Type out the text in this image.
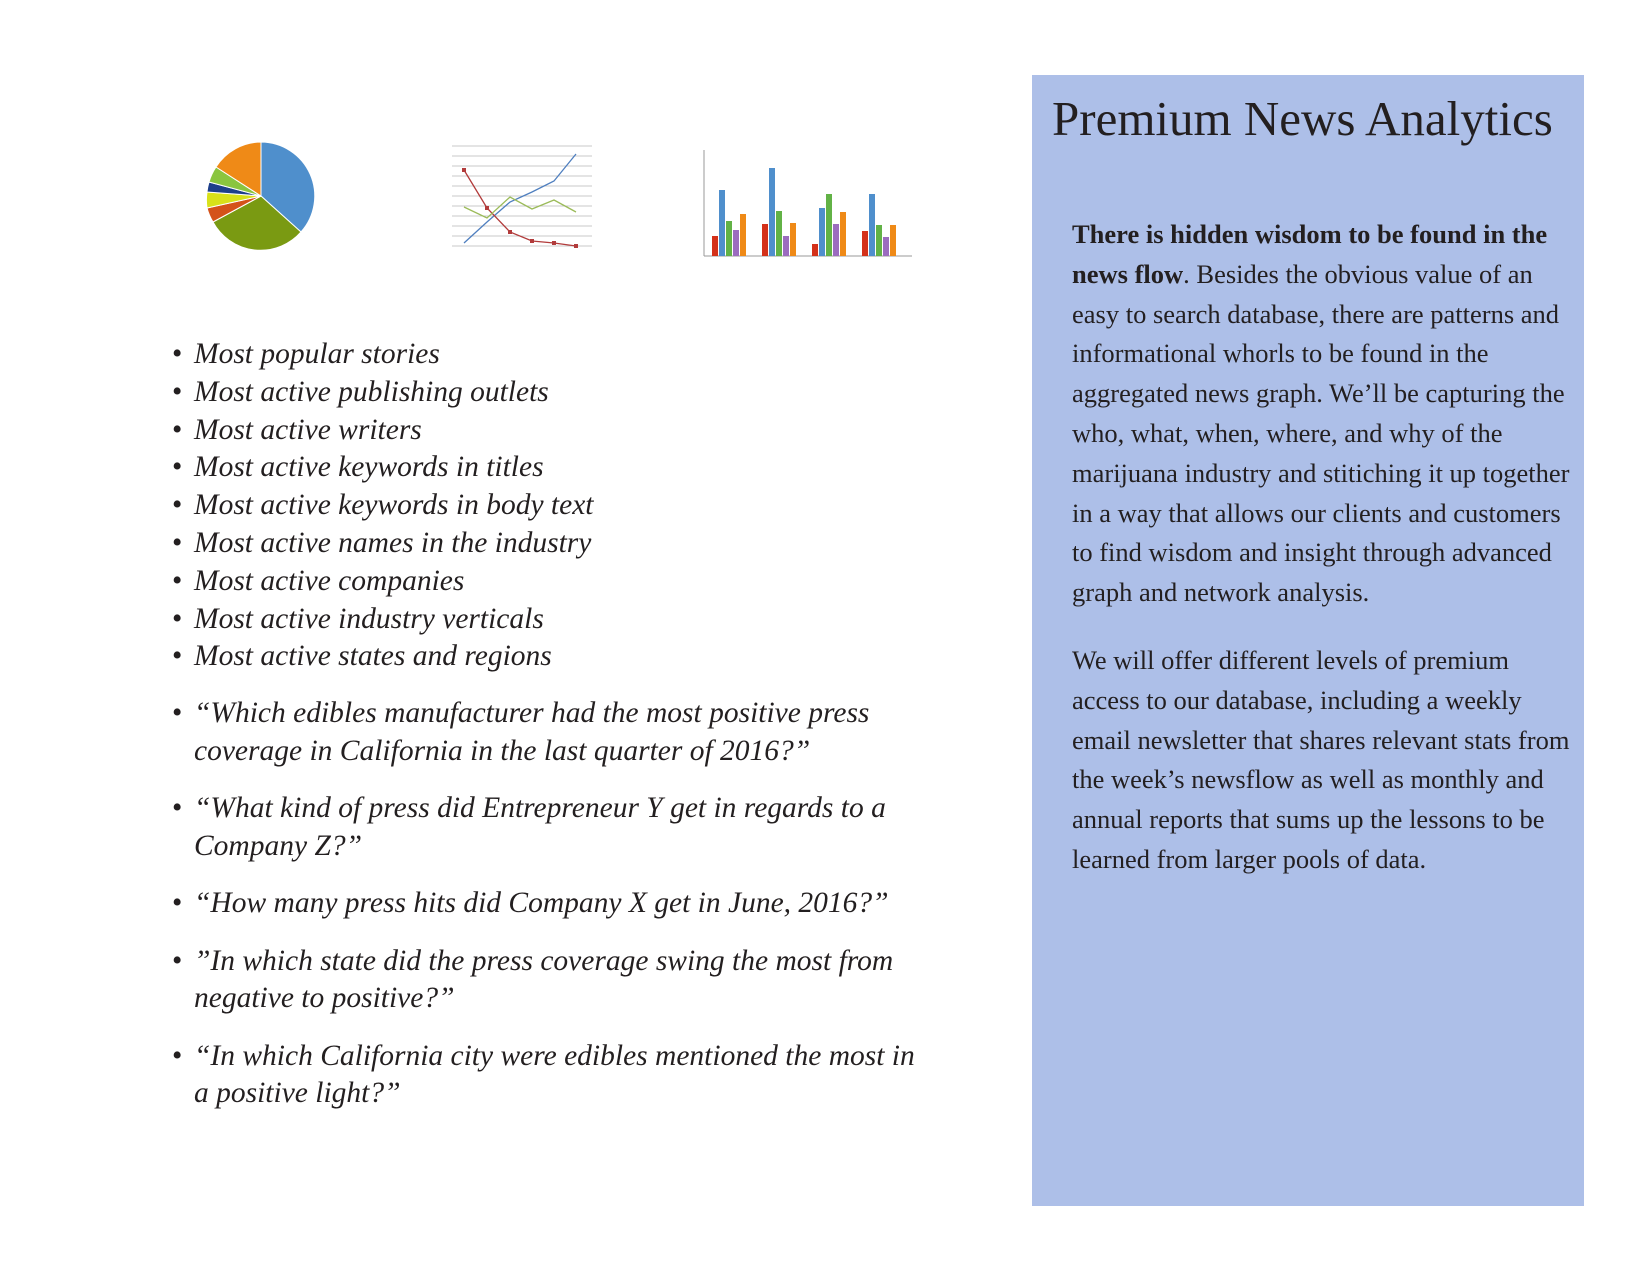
• Most popular stories
• Most active publishing outlets
• Most active writers
• Most active keywords in titles
• Most active keywords in body text
• Most active names in the industry
• Most active companies
• Most active industry verticals
• Most active states and regions
• “Which edibles manufacturer had the most positive press coverage in California in the last quarter of 2016?”
• “What kind of press did Entrepreneur Y get in regards to a Company Z?”
• “How many press hits did Company X get in June, 2016?”
• ”In which state did the press coverage swing the most from negative to positive?”
• “In which California city were edibles mentioned the most in a positive light?”
Premium News Analytics

There is hidden wisdom to be found in the news flow. Besides the obvious value of an easy to search database, there are patterns and informational whorls to be found in the aggregated news graph. We’ll be capturing the who, what, when, where, and why of the marijuana industry and stitiching it up together in a way that allows our clients and customers to find wisdom and insight through advanced graph and network analysis.

We will offer different levels of premium access to our database, including a weekly email newsletter that shares relevant stats from the week’s newsflow as well as monthly and annual reports that sums up the lessons to be learned from larger pools of data.
